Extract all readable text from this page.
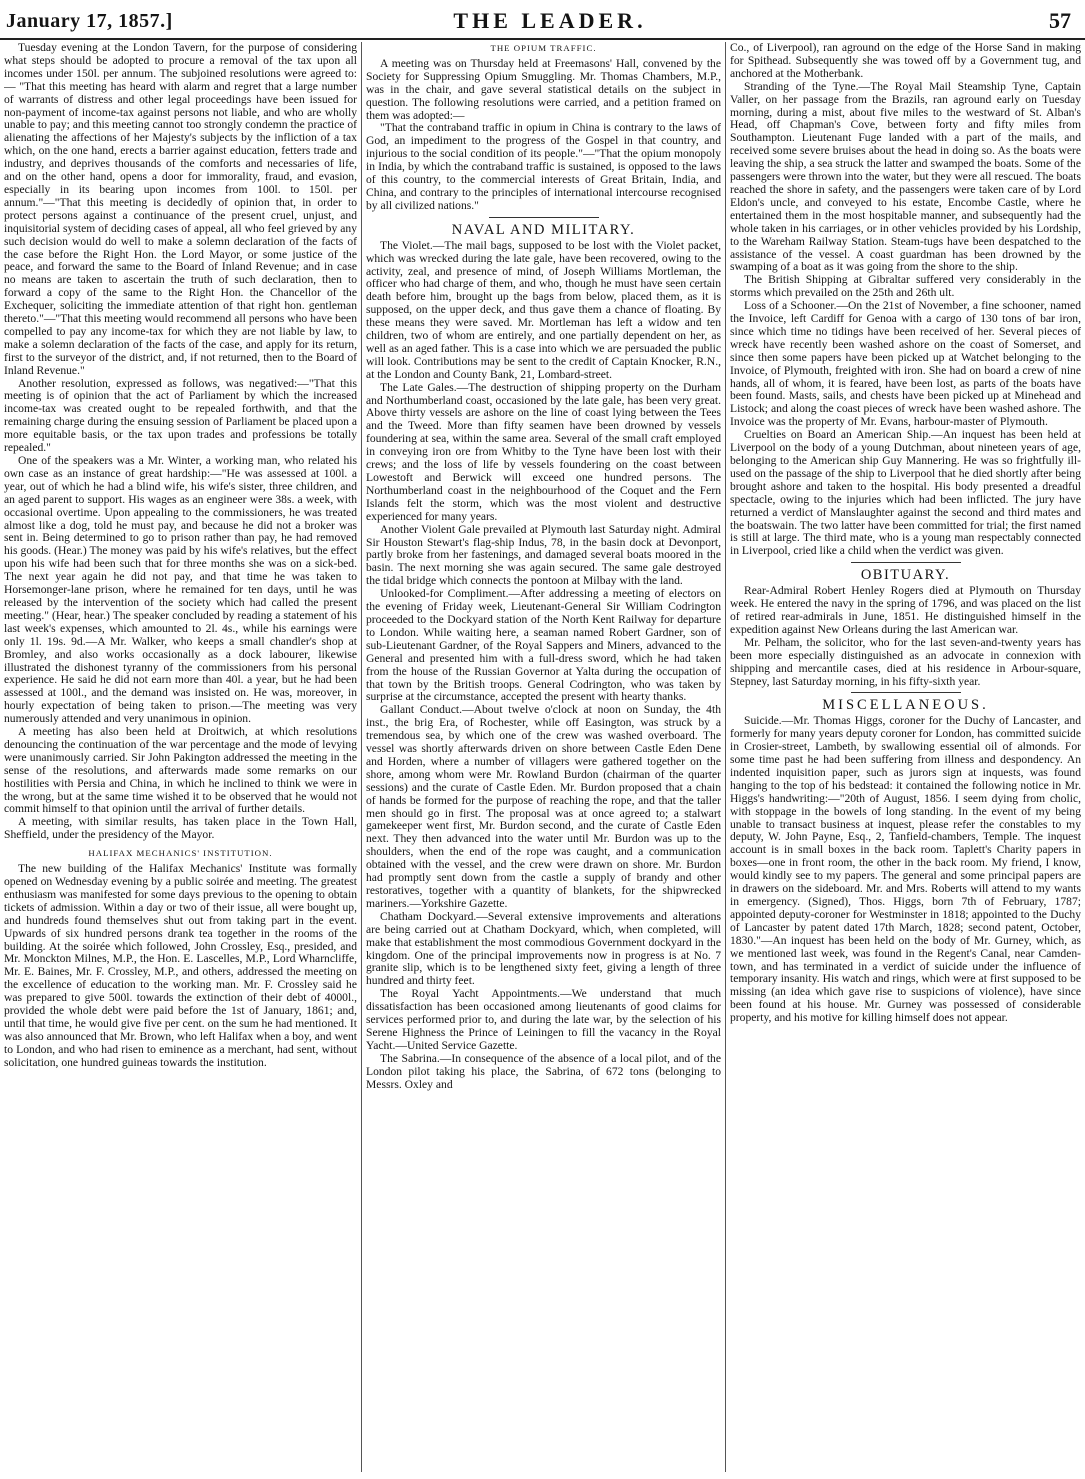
January 17, 1857.]	THE LEADER.	57

Tuesday evening at the London Tavern, for the purpose of considering what steps should be adopted to procure a removal of the tax upon all incomes under 150l. per annum. The subjoined resolutions were agreed to:— "That this meeting has heard with alarm and regret that a large number of warrants of distress and other legal proceedings have been issued for non-payment of income-tax against persons not liable, and who are wholly unable to pay; and this meeting cannot too strongly condemn the practice of alienating the affections of her Majesty's subjects by the infliction of a tax which, on the one hand, erects a barrier against education, fetters trade and industry, and deprives thousands of the comforts and necessaries of life, and on the other hand, opens a door for immorality, fraud, and evasion, especially in its bearing upon incomes from 100l. to 150l. per annum."—"That this meeting is decidedly of opinion that, in order to protect persons against a continuance of the present cruel, unjust, and inquisitorial system of deciding cases of appeal, all who feel grieved by any such decision would do well to make a solemn declaration of the facts of the case before the Right Hon. the Lord Mayor, or some justice of the peace, and forward the same to the Board of Inland Revenue; and in case no means are taken to ascertain the truth of such declaration, then to forward a copy of the same to the Right Hon. the Chancellor of the Exchequer, soliciting the immediate attention of that right hon. gentleman thereto."—"That this meeting would recommend all persons who have been compelled to pay any income-tax for which they are not liable by law, to make a solemn declaration of the facts of the case, and apply for its return, first to the surveyor of the district, and, if not returned, then to the Board of Inland Revenue."

Another resolution, expressed as follows, was negatived:—"That this meeting is of opinion that the act of Parliament by which the increased income-tax was created ought to be repealed forthwith, and that the remaining charge during the ensuing session of Parliament be placed upon a more equitable basis, or the tax upon trades and professions be totally repealed."

One of the speakers was a Mr. Winter, a working man, who related his own case as an instance of great hardship:—"He was assessed at 100l. a year, out of which he had a blind wife, his wife's sister, three children, and an aged parent to support. His wages as an engineer were 38s. a week, with occasional overtime. Upon appealing to the commissioners, he was treated almost like a dog, told he must pay, and because he did not a broker was sent in. Being determined to go to prison rather than pay, he had removed his goods. (Hear.) The money was paid by his wife's relatives, but the effect upon his wife had been such that for three months she was on a sick-bed. The next year again he did not pay, and that time he was taken to Horsemonger-lane prison, where he remained for ten days, until he was released by the intervention of the society which had called the present meeting." (Hear, hear.) The speaker concluded by reading a statement of his last week's expenses, which amounted to 2l. 4s., while his earnings were only 1l. 19s. 9d.—A Mr. Walker, who keeps a small chandler's shop at Bromley, and also works occasionally as a dock labourer, likewise illustrated the dishonest tyranny of the commissioners from his personal experience. He said he did not earn more than 40l. a year, but he had been assessed at 100l., and the demand was insisted on. He was, moreover, in hourly expectation of being taken to prison.—The meeting was very numerously attended and very unanimous in opinion.

A meeting has also been held at Droitwich, at which resolutions denouncing the continuation of the war percentage and the mode of levying were unanimously carried. Sir John Pakington addressed the meeting in the sense of the resolutions, and afterwards made some remarks on our hostilities with Persia and China, in which he inclined to think we were in the wrong, but at the same time wished it to be observed that he would not commit himself to that opinion until the arrival of further details.

A meeting, with similar results, has taken place in the Town Hall, Sheffield, under the presidency of the Mayor.

HALIFAX MECHANICS' INSTITUTION.

The new building of the Halifax Mechanics' Institute was formally opened on Wednesday evening by a public soirée and meeting. The greatest enthusiasm was manifested for some days previous to the opening to obtain tickets of admission. Within a day or two of their issue, all were bought up, and hundreds found themselves shut out from taking part in the event. Upwards of six hundred persons drank tea together in the rooms of the building. At the soirée which followed, John Crossley, Esq., presided, and Mr. Monckton Milnes, M.P., the Hon. E. Lascelles, M.P., Lord Wharncliffe, Mr. E. Baines, Mr. F. Crossley, M.P., and others, addressed the meeting on the excellence of education to the working man. Mr. F. Crossley said he was prepared to give 500l. towards the extinction of their debt of 4000l., provided the whole debt were paid before the 1st of January, 1861; and, until that time, he would give five per cent. on the sum he had mentioned. It was also announced that Mr. Brown, who left Halifax when a boy, and went to London, and who had risen to eminence as a merchant, had sent, without solicitation, one hundred guineas towards the institution.

THE OPIUM TRAFFIC.

A meeting was on Thursday held at Freemasons' Hall, convened by the Society for Suppressing Opium Smuggling. Mr. Thomas Chambers, M.P., was in the chair, and gave several statistical details on the subject in question. The following resolutions were carried, and a petition framed on them was adopted:—

"That the contraband traffic in opium in China is contrary to the laws of God, an impediment to the progress of the Gospel in that country, and injurious to the social condition of its people."—"That the opium monopoly in India, by which the contraband traffic is sustained, is opposed to the laws of this country, to the commercial interests of Great Britain, India, and China, and contrary to the principles of international intercourse recognised by all civilized nations."

NAVAL AND MILITARY.

The Violet.—The mail bags, supposed to be lost with the Violet packet, which was wrecked during the late gale, have been recovered, owing to the activity, zeal, and presence of mind, of Joseph Williams Mortleman, the officer who had charge of them, and who, though he must have seen certain death before him, brought up the bags from below, placed them, as it is supposed, on the upper deck, and thus gave them a chance of floating. By these means they were saved. Mr. Mortleman has left a widow and ten children, two of whom are entirely, and one partially dependent on her, as well as an aged father. This is a case into which we are persuaded the public will look. Contributions may be sent to the credit of Captain Knocker, R.N., at the London and County Bank, 21, Lombard-street.

The Late Gales.—The destruction of shipping property on the Durham and Northumberland coast, occasioned by the late gale, has been very great. Above thirty vessels are ashore on the line of coast lying between the Tees and the Tweed. More than fifty seamen have been drowned by vessels foundering at sea, within the same area. Several of the small craft employed in conveying iron ore from Whitby to the Tyne have been lost with their crews; and the loss of life by vessels foundering on the coast between Lowestoft and Berwick will exceed one hundred persons. The Northumberland coast in the neighbourhood of the Coquet and the Fern Islands felt the storm, which was the most violent and destructive experienced for many years.

Another Violent Gale prevailed at Plymouth last Saturday night. Admiral Sir Houston Stewart's flag-ship Indus, 78, in the basin dock at Devonport, partly broke from her fastenings, and damaged several boats moored in the basin. The next morning she was again secured. The same gale destroyed the tidal bridge which connects the pontoon at Milbay with the land.

Unlooked-for Compliment.—After addressing a meeting of electors on the evening of Friday week, Lieutenant-General Sir William Codrington proceeded to the Dockyard station of the North Kent Railway for departure to London. While waiting here, a seaman named Robert Gardner, son of sub-Lieutenant Gardner, of the Royal Sappers and Miners, advanced to the General and presented him with a full-dress sword, which he had taken from the house of the Russian Governor at Yalta during the occupation of that town by the British troops. General Codrington, who was taken by surprise at the circumstance, accepted the present with hearty thanks.

Gallant Conduct.—About twelve o'clock at noon on Sunday, the 4th inst., the brig Era, of Rochester, while off Easington, was struck by a tremendous sea, by which one of the crew was washed overboard. The vessel was shortly afterwards driven on shore between Castle Eden Dene and Horden, where a number of villagers were gathered together on the shore, among whom were Mr. Rowland Burdon (chairman of the quarter sessions) and the curate of Castle Eden. Mr. Burdon proposed that a chain of hands be formed for the purpose of reaching the rope, and that the taller men should go in first. The proposal was at once agreed to; a stalwart gamekeeper went first, Mr. Burdon second, and the curate of Castle Eden next. They then advanced into the water until Mr. Burdon was up to the shoulders, when the end of the rope was caught, and a communication obtained with the vessel, and the crew were drawn on shore. Mr. Burdon had promptly sent down from the castle a supply of brandy and other restoratives, together with a quantity of blankets, for the shipwrecked mariners.—Yorkshire Gazette.

Chatham Dockyard.—Several extensive improvements and alterations are being carried out at Chatham Dockyard, which, when completed, will make that establishment the most commodious Government dockyard in the kingdom. One of the principal improvements now in progress is at No. 7 granite slip, which is to be lengthened sixty feet, giving a length of three hundred and thirty feet.

The Royal Yacht Appointments.—We understand that much dissatisfaction has been occasioned among lieutenants of good claims for services performed prior to, and during the late war, by the selection of his Serene Highness the Prince of Leiningen to fill the vacancy in the Royal Yacht.—United Service Gazette.

The Sabrina.—In consequence of the absence of a local pilot, and of the London pilot taking his place, the Sabrina, of 672 tons (belonging to Messrs. Oxley and

Co., of Liverpool), ran aground on the edge of the Horse Sand in making for Spithead. Subsequently she was towed off by a Government tug, and anchored at the Motherbank.

Stranding of the Tyne.—The Royal Mail Steamship Tyne, Captain Valler, on her passage from the Brazils, ran aground early on Tuesday morning, during a mist, about five miles to the westward of St. Alban's Head, off Chapman's Cove, between forty and fifty miles from Southampton. Lieutenant Fuge landed with a part of the mails, and received some severe bruises about the head in doing so. As the boats were leaving the ship, a sea struck the latter and swamped the boats. Some of the passengers were thrown into the water, but they were all rescued. The boats reached the shore in safety, and the passengers were taken care of by Lord Eldon's uncle, and conveyed to his estate, Encombe Castle, where he entertained them in the most hospitable manner, and subsequently had the whole taken in his carriages, or in other vehicles provided by his Lordship, to the Wareham Railway Station. Steam-tugs have been despatched to the assistance of the vessel. A coast guardman has been drowned by the swamping of a boat as it was going from the shore to the ship.

The British Shipping at Gibraltar suffered very considerably in the storms which prevailed on the 25th and 26th ult.

Loss of a Schooner.—On the 21st of November, a fine schooner, named the Invoice, left Cardiff for Genoa with a cargo of 130 tons of bar iron, since which time no tidings have been received of her. Several pieces of wreck have recently been washed ashore on the coast of Somerset, and since then some papers have been picked up at Watchet belonging to the Invoice, of Plymouth, freighted with iron. She had on board a crew of nine hands, all of whom, it is feared, have been lost, as parts of the boats have been found. Masts, sails, and chests have been picked up at Minehead and Listock; and along the coast pieces of wreck have been washed ashore. The Invoice was the property of Mr. Evans, harbour-master of Plymouth.

Cruelties on Board an American Ship.—An inquest has been held at Liverpool on the body of a young Dutchman, about nineteen years of age, belonging to the American ship Guy Mannering. He was so frightfully ill-used on the passage of the ship to Liverpool that he died shortly after being brought ashore and taken to the hospital. His body presented a dreadful spectacle, owing to the injuries which had been inflicted. The jury have returned a verdict of Manslaughter against the second and third mates and the boatswain. The two latter have been committed for trial; the first named is still at large. The third mate, who is a young man respectably connected in Liverpool, cried like a child when the verdict was given.

OBITUARY.

Rear-Admiral Robert Henley Rogers died at Plymouth on Thursday week. He entered the navy in the spring of 1796, and was placed on the list of retired rear-admirals in June, 1851. He distinguished himself in the expedition against New Orleans during the last American war.

Mr. Pelham, the solicitor, who for the last seven-and-twenty years has been more especially distinguished as an advocate in connexion with shipping and mercantile cases, died at his residence in Arbour-square, Stepney, last Saturday morning, in his fifty-sixth year.

MISCELLANEOUS.

Suicide.—Mr. Thomas Higgs, coroner for the Duchy of Lancaster, and formerly for many years deputy coroner for London, has committed suicide in Crosier-street, Lambeth, by swallowing essential oil of almonds. For some time past he had been suffering from illness and despondency. An indented inquisition paper, such as jurors sign at inquests, was found hanging to the top of his bedstead: it contained the following notice in Mr. Higgs's handwriting:—"20th of August, 1856. I seem dying from cholic, with stoppage in the bowels of long standing. In the event of my being unable to transact business at inquest, please refer the constables to my deputy, W. John Payne, Esq., 2, Tanfield-chambers, Temple. The inquest account is in small boxes in the back room. Taplett's Charity papers in boxes—one in front room, the other in the back room. My friend, I know, would kindly see to my papers. The general and some principal papers are in drawers on the sideboard. Mr. and Mrs. Roberts will attend to my wants in emergency. (Signed), Thos. Higgs, born 7th of February, 1787; appointed deputy-coroner for Westminster in 1818; appointed to the Duchy of Lancaster by patent dated 17th March, 1828; second patent, October, 1830."—An inquest has been held on the body of Mr. Gurney, which, as we mentioned last week, was found in the Regent's Canal, near Camden-town, and has terminated in a verdict of suicide under the influence of temporary insanity. His watch and rings, which were at first supposed to be missing (an idea which gave rise to suspicions of violence), have since been found at his house. Mr. Gurney was possessed of considerable property, and his motive for killing himself does not appear.
